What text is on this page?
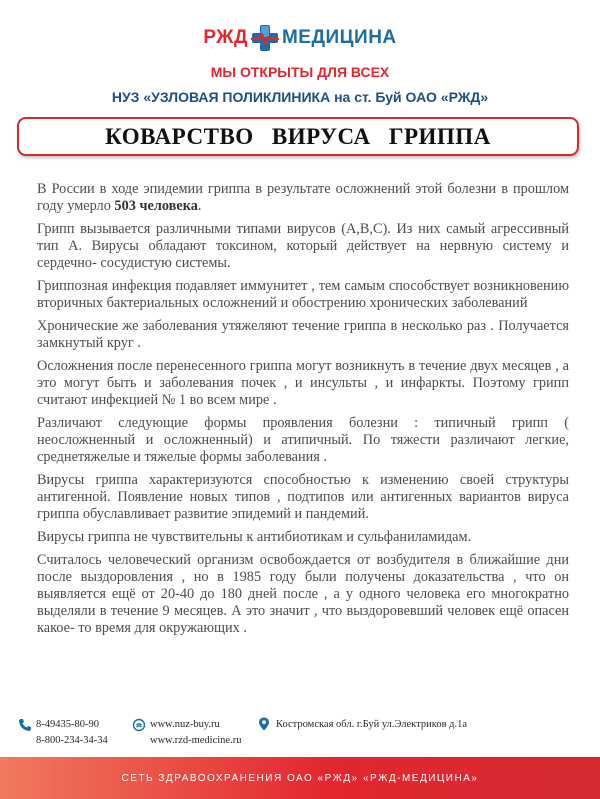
РЖД МЕДИЦИНА
МЫ ОТКРЫТЫ ДЛЯ ВСЕХ
НУЗ «УЗЛОВАЯ ПОЛИКЛИНИКА на ст. Буй ОАО «РЖД»
КОВАРСТВО ВИРУСА ГРИППА

В России в ходе эпидемии гриппа в результате осложнений этой болезни в прошлом году умерло 503 человека.

Грипп вызывается различными типами вирусов (А,В,С). Из них самый агрессивный тип А. Вирусы обладают токсином, который действует на нервную систему и сердечно- сосудистую системы.

Гриппозная инфекция подавляет иммунитет , тем самым способствует возникновению вторичных бактериальных осложнений и обострению хронических заболеваний

Хронические же заболевания утяжеляют течение гриппа в несколько раз . Получается замкнутый круг .

Осложнения после перенесенного гриппа могут возникнуть в течение двух месяцев , а это могут быть и заболевания почек , и инсульты , и инфаркты. Поэтому грипп считают инфекцией № 1 во всем мире .

Различают следующие формы проявления болезни : типичный грипп ( неосложненный и осложненный) и атипичный. По тяжести различают легкие, среднетяжелые и тяжелые формы заболевания .

Вирусы гриппа характеризуются способностью к изменению своей структуры антигенной. Появление новых типов , подтипов или антигенных вариантов вируса гриппа обуславливает развитие эпидемий и пандемий.

Вирусы гриппа не чувствительны к антибиотикам и сульфаниламидам.

Считалось человеческий организм освобождается от возбудителя в ближайшие дни после выздоровления , но в 1985 году были получены доказательства , что он выявляется ещё от 20-40 до 180 дней после , а у одного человека его многократно выделяли в течение 9 месяцев. А это значит , что выздоровевший человек ещё опасен какое- то время для окружающих .

8-49435-80-90
8-800-234-34-34
www.nuz-buy.ru
www.rzd-medicine.ru
Костромская обл. г.Буй ул.Электриков д.1а
СЕТЬ ЗДРАВООХРАНЕНИЯ ОАО «РЖД» «РЖД-МЕДИЦИНА»
